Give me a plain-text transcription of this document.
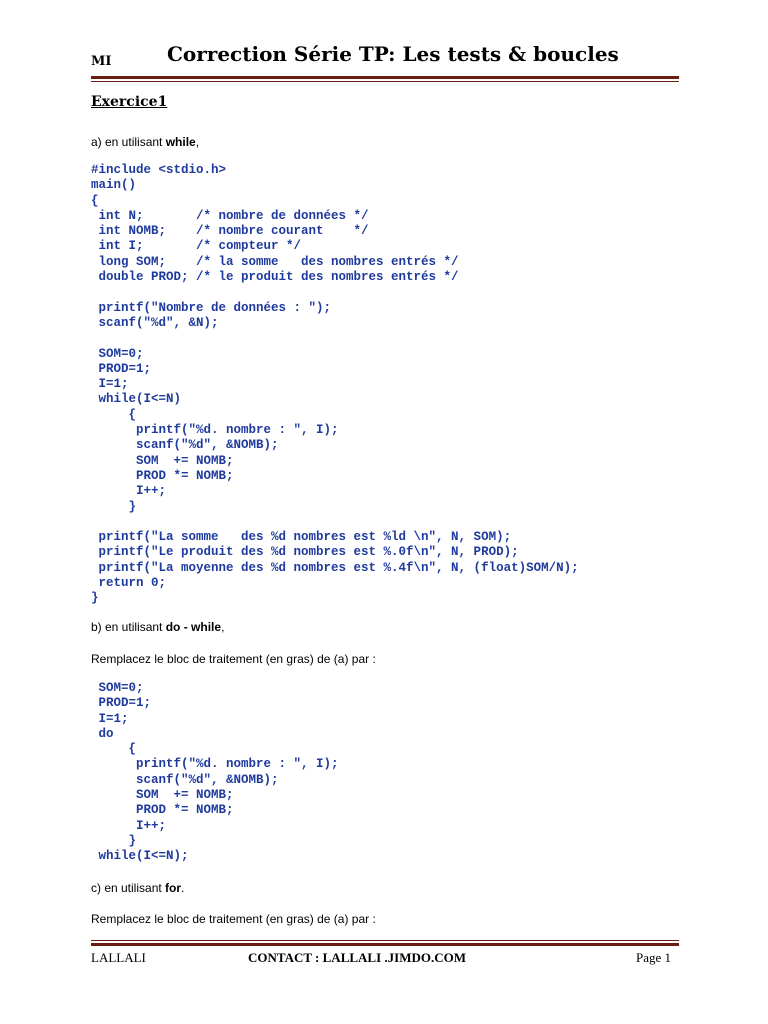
MI	Correction Série TP: Les tests & boucles
Exercice1
a) en utilisant while,
#include <stdio.h>
main()
{
int N;       /* nombre de données */
int NOMB;    /* nombre courant    */
int I;       /* compteur */
long SOM;    /* la somme   des nombres entrés */
double PROD; /* le produit des nombres entrés */

printf("Nombre de données : ");
scanf("%d", &N);

SOM=0;
PROD=1;
I=1;
while(I<=N)
{
printf("%d. nombre : ", I);
scanf("%d", &NOMB);
SOM  += NOMB;
PROD *= NOMB;
I++;
}

printf("La somme   des %d nombres est %ld \n", N, SOM);
printf("Le produit des %d nombres est %.0f\n", N, PROD);
printf("La moyenne des %d nombres est %.4f\n", N, (float)SOM/N);
return 0;
}
b) en utilisant do - while,
Remplacez le bloc de traitement (en gras) de (a) par :
SOM=0;
PROD=1;
I=1;
do
{
printf("%d. nombre : ", I);
scanf("%d", &NOMB);
SOM  += NOMB;
PROD *= NOMB;
I++;
}
while(I<=N);
c) en utilisant for.
Remplacez le bloc de traitement (en gras) de (a) par :
LALLALI	CONTACT : LALLALI .JIMDO.COM	Page 1
